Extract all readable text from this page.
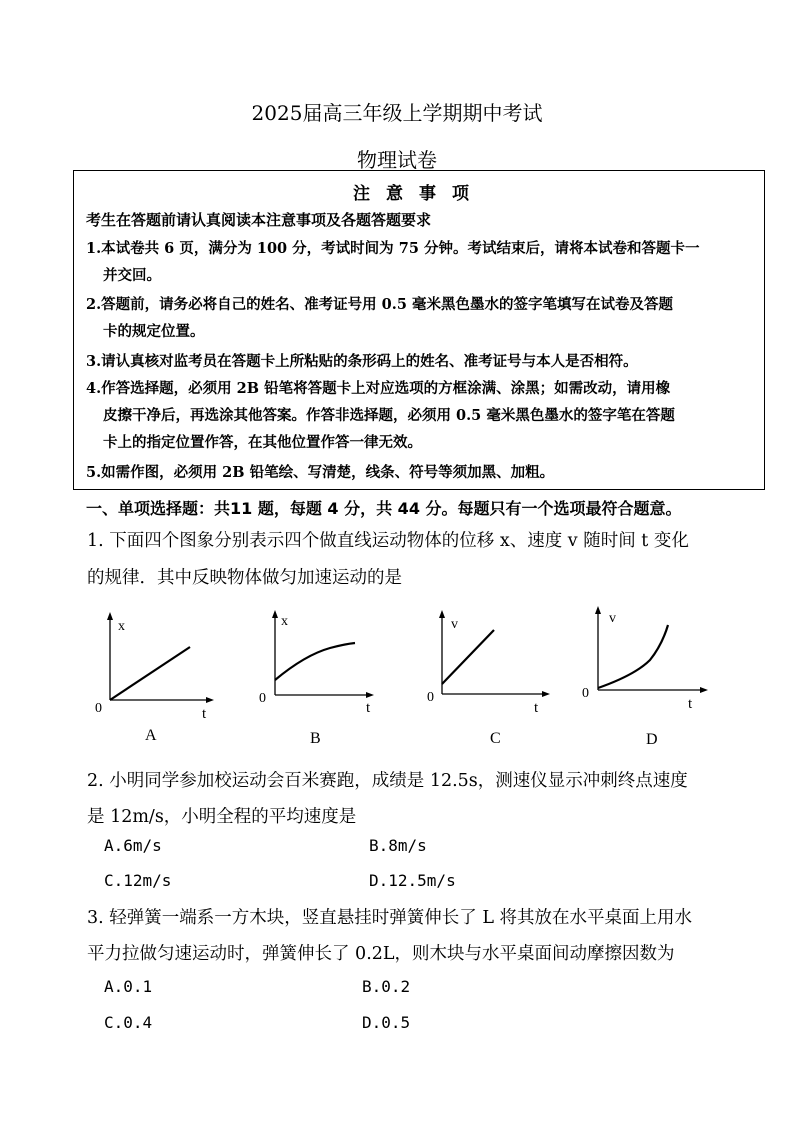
2025届高三年级上学期期中考试
物理试卷
注意事项
考生在答题前请认真阅读本注意事项及各题答题要求
1.本试卷共 6 页，满分为 100 分，考试时间为 75 分钟。考试结束后，请将本试卷和答题卡一
并交回。
2.答题前，请务必将自己的姓名、准考证号用 0.5 毫米黑色墨水的签字笔填写在试卷及答题
卡的规定位置。
3.请认真核对监考员在答题卡上所粘贴的条形码上的姓名、准考证号与本人是否相符。
4.作答选择题，必须用 2B 铅笔将答题卡上对应选项的方框涂满、涂黑；如需改动，请用橡
皮擦干净后，再选涂其他答案。作答非选择题，必须用 0.5 毫米黑色墨水的签字笔在答题
卡上的指定位置作答，在其他位置作答一律无效。
5.如需作图，必须用 2B 铅笔绘、写清楚，线条、符号等须加黑、加粗。
一、单项选择题：共11 题，每题 4 分，共 44 分。每题只有一个选项最符合题意。
1. 下面四个图象分别表示四个做直线运动物体的位移 x、速度 v 随时间 t 变化
的规律．其中反映物体做匀加速运动的是
x
t
0
A
x
t
0
B
v
t
0
C
v
t
0
D
2. 小明同学参加校运动会百米赛跑，成绩是 12.5s，测速仪显示冲刺终点速度
是 12m/s，小明全程的平均速度是
A.6m/s	B.8m/s
C.12m/s	D.12.5m/s
3. 轻弹簧一端系一方木块，竖直悬挂时弹簧伸长了 L 将其放在水平桌面上用水
平力拉做匀速运动时，弹簧伸长了 0.2L，则木块与水平桌面间动摩擦因数为
A.0.1	B.0.2
C.0.4	D.0.5
